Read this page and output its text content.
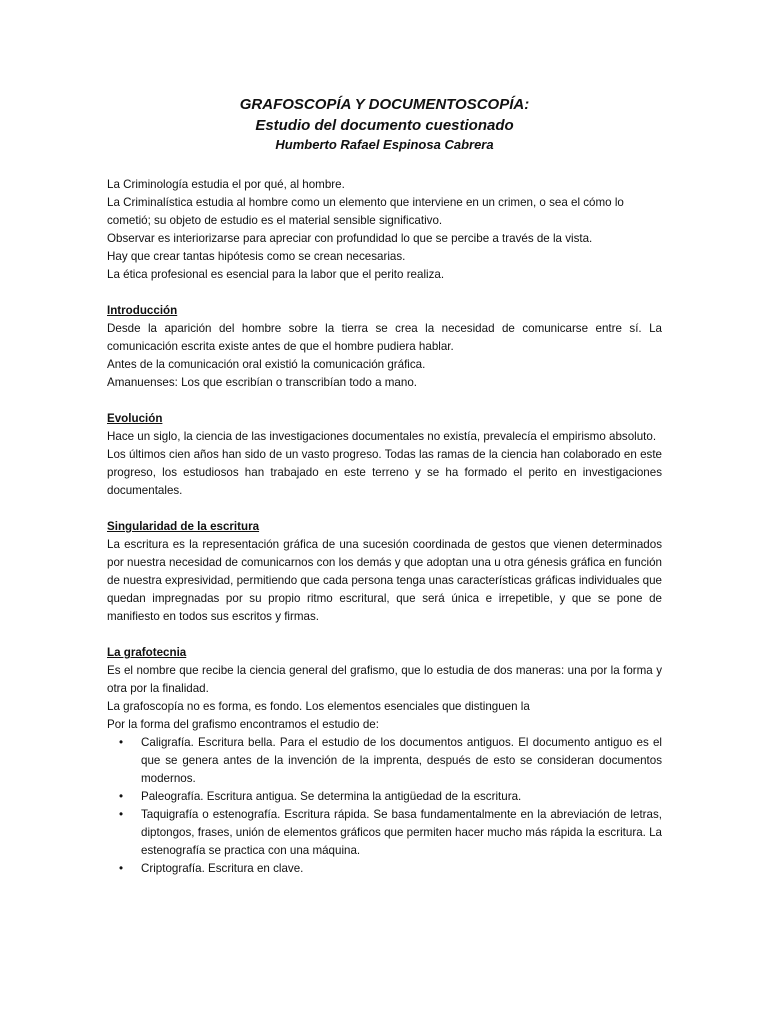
GRAFOSCOPÍA Y DOCUMENTOSCOPÍA:
Estudio del documento cuestionado
Humberto Rafael Espinosa Cabrera

La Criminología estudia el por qué, al hombre.

La Criminalística estudia al hombre como un elemento que interviene en un crimen, o sea el cómo lo cometió; su objeto de estudio es el material sensible significativo.

Observar es interiorizarse para apreciar con profundidad lo que se percibe a través de la vista.

Hay que crear tantas hipótesis como se crean necesarias.

La ética profesional es esencial para la labor que el perito realiza.

Introducción

Desde la aparición del hombre sobre la tierra se crea la necesidad de comunicarse entre sí. La comunicación escrita existe antes de que el hombre pudiera hablar.

Antes de la comunicación oral existió la comunicación gráfica.

Amanuenses: Los que escribían o transcribían todo a mano.

Evolución

Hace un siglo, la ciencia de las investigaciones documentales no existía, prevalecía el empirismo absoluto.

Los últimos cien años han sido de un vasto progreso. Todas las ramas de la ciencia han colaborado en este progreso, los estudiosos han trabajado en este terreno y se ha formado el perito en investigaciones documentales.

Singularidad de la escritura

La escritura es la representación gráfica de una sucesión coordinada de gestos que vienen determinados por nuestra necesidad de comunicarnos con los demás y que adoptan una u otra génesis gráfica en función de nuestra expresividad, permitiendo que cada persona tenga unas características gráficas individuales que quedan impregnadas por su propio ritmo escritural, que será única e irrepetible, y que se pone de manifiesto en todos sus escritos y firmas.

La grafotecnia

Es el nombre que recibe la ciencia general del grafismo, que lo estudia de dos maneras: una por la forma y otra por la finalidad.

La grafoscopía no es forma, es fondo. Los elementos esenciales que distinguen la

Por la forma del grafismo encontramos el estudio de:

• Caligrafía. Escritura bella. Para el estudio de los documentos antiguos. El documento antiguo es el que se genera antes de la invención de la imprenta, después de esto se consideran documentos modernos.
• Paleografía. Escritura antigua. Se determina la antigüedad de la escritura.
• Taquigrafía o estenografía. Escritura rápida. Se basa fundamentalmente en la abreviación de letras, diptongos, frases, unión de elementos gráficos que permiten hacer mucho más rápida la escritura. La estenografía se practica con una máquina.
• Criptografía. Escritura en clave.
